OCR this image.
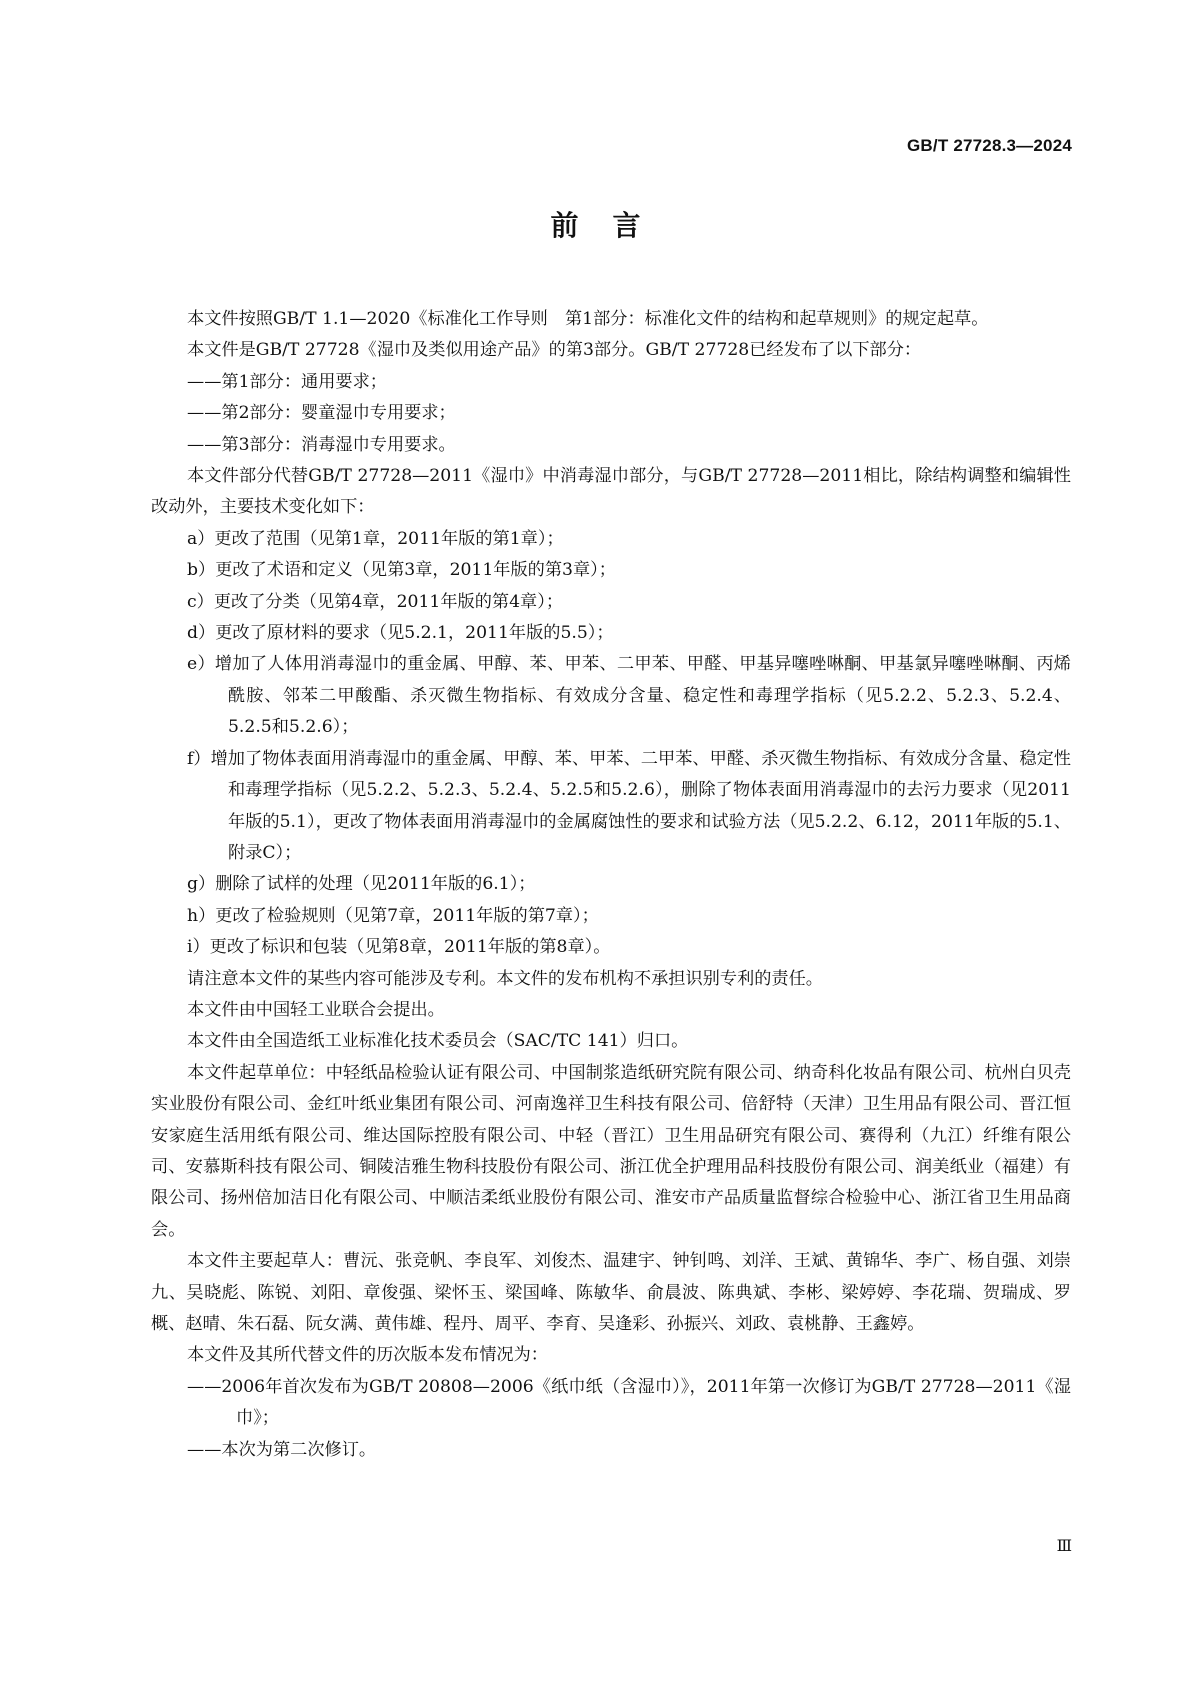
GB/T 27728.3—2024
前言

本文件按照GB/T 1.1—2020《标准化工作导则　第1部分：标准化文件的结构和起草规则》的规定起草。

本文件是GB/T 27728《湿巾及类似用途产品》的第3部分。GB/T 27728已经发布了以下部分：

——第1部分：通用要求；

——第2部分：婴童湿巾专用要求；

——第3部分：消毒湿巾专用要求。

本文件部分代替GB/T 27728—2011《湿巾》中消毒湿巾部分，与GB/T 27728—2011相比，除结构调整和编辑性改动外，主要技术变化如下：

a）更改了范围（见第1章，2011年版的第1章）；

b）更改了术语和定义（见第3章，2011年版的第3章）；

c）更改了分类（见第4章，2011年版的第4章）；

d）更改了原材料的要求（见5.2.1，2011年版的5.5）；

e）增加了人体用消毒湿巾的重金属、甲醇、苯、甲苯、二甲苯、甲醛、甲基异噻唑啉酮、甲基氯异噻唑啉酮、丙烯酰胺、邻苯二甲酸酯、杀灭微生物指标、有效成分含量、稳定性和毒理学指标（见5.2.2、5.2.3、5.2.4、5.2.5和5.2.6）；

f）增加了物体表面用消毒湿巾的重金属、甲醇、苯、甲苯、二甲苯、甲醛、杀灭微生物指标、有效成分含量、稳定性和毒理学指标（见5.2.2、5.2.3、5.2.4、5.2.5和5.2.6），删除了物体表面用消毒湿巾的去污力要求（见2011年版的5.1），更改了物体表面用消毒湿巾的金属腐蚀性的要求和试验方法（见5.2.2、6.12，2011年版的5.1、附录C）；

g）删除了试样的处理（见2011年版的6.1）；

h）更改了检验规则（见第7章，2011年版的第7章）；

i）更改了标识和包装（见第8章，2011年版的第8章）。

请注意本文件的某些内容可能涉及专利。本文件的发布机构不承担识别专利的责任。

本文件由中国轻工业联合会提出。

本文件由全国造纸工业标准化技术委员会（SAC/TC 141）归口。

本文件起草单位：中轻纸品检验认证有限公司、中国制浆造纸研究院有限公司、纳奇科化妆品有限公司、杭州白贝壳实业股份有限公司、金红叶纸业集团有限公司、河南逸祥卫生科技有限公司、倍舒特（天津）卫生用品有限公司、晋江恒安家庭生活用纸有限公司、维达国际控股有限公司、中轻（晋江）卫生用品研究有限公司、赛得利（九江）纤维有限公司、安慕斯科技有限公司、铜陵洁雅生物科技股份有限公司、浙江优全护理用品科技股份有限公司、润美纸业（福建）有限公司、扬州倍加洁日化有限公司、中顺洁柔纸业股份有限公司、淮安市产品质量监督综合检验中心、浙江省卫生用品商会。

本文件主要起草人：曹沅、张竞帆、李良军、刘俊杰、温建宇、钟钊鸣、刘洋、王斌、黄锦华、李广、杨自强、刘崇九、吴晓彪、陈锐、刘阳、章俊强、梁怀玉、梁国峰、陈敏华、俞晨波、陈典斌、李彬、梁婷婷、李花瑞、贺瑞成、罗概、赵晴、朱石磊、阮女满、黄伟雄、程丹、周平、李育、吴逢彩、孙振兴、刘政、袁桃静、王鑫婷。

本文件及其所代替文件的历次版本发布情况为：

——2006年首次发布为GB/T 20808—2006《纸巾纸（含湿巾）》，2011年第一次修订为GB/T 27728—2011《湿巾》；

——本次为第二次修订。

Ⅲ
